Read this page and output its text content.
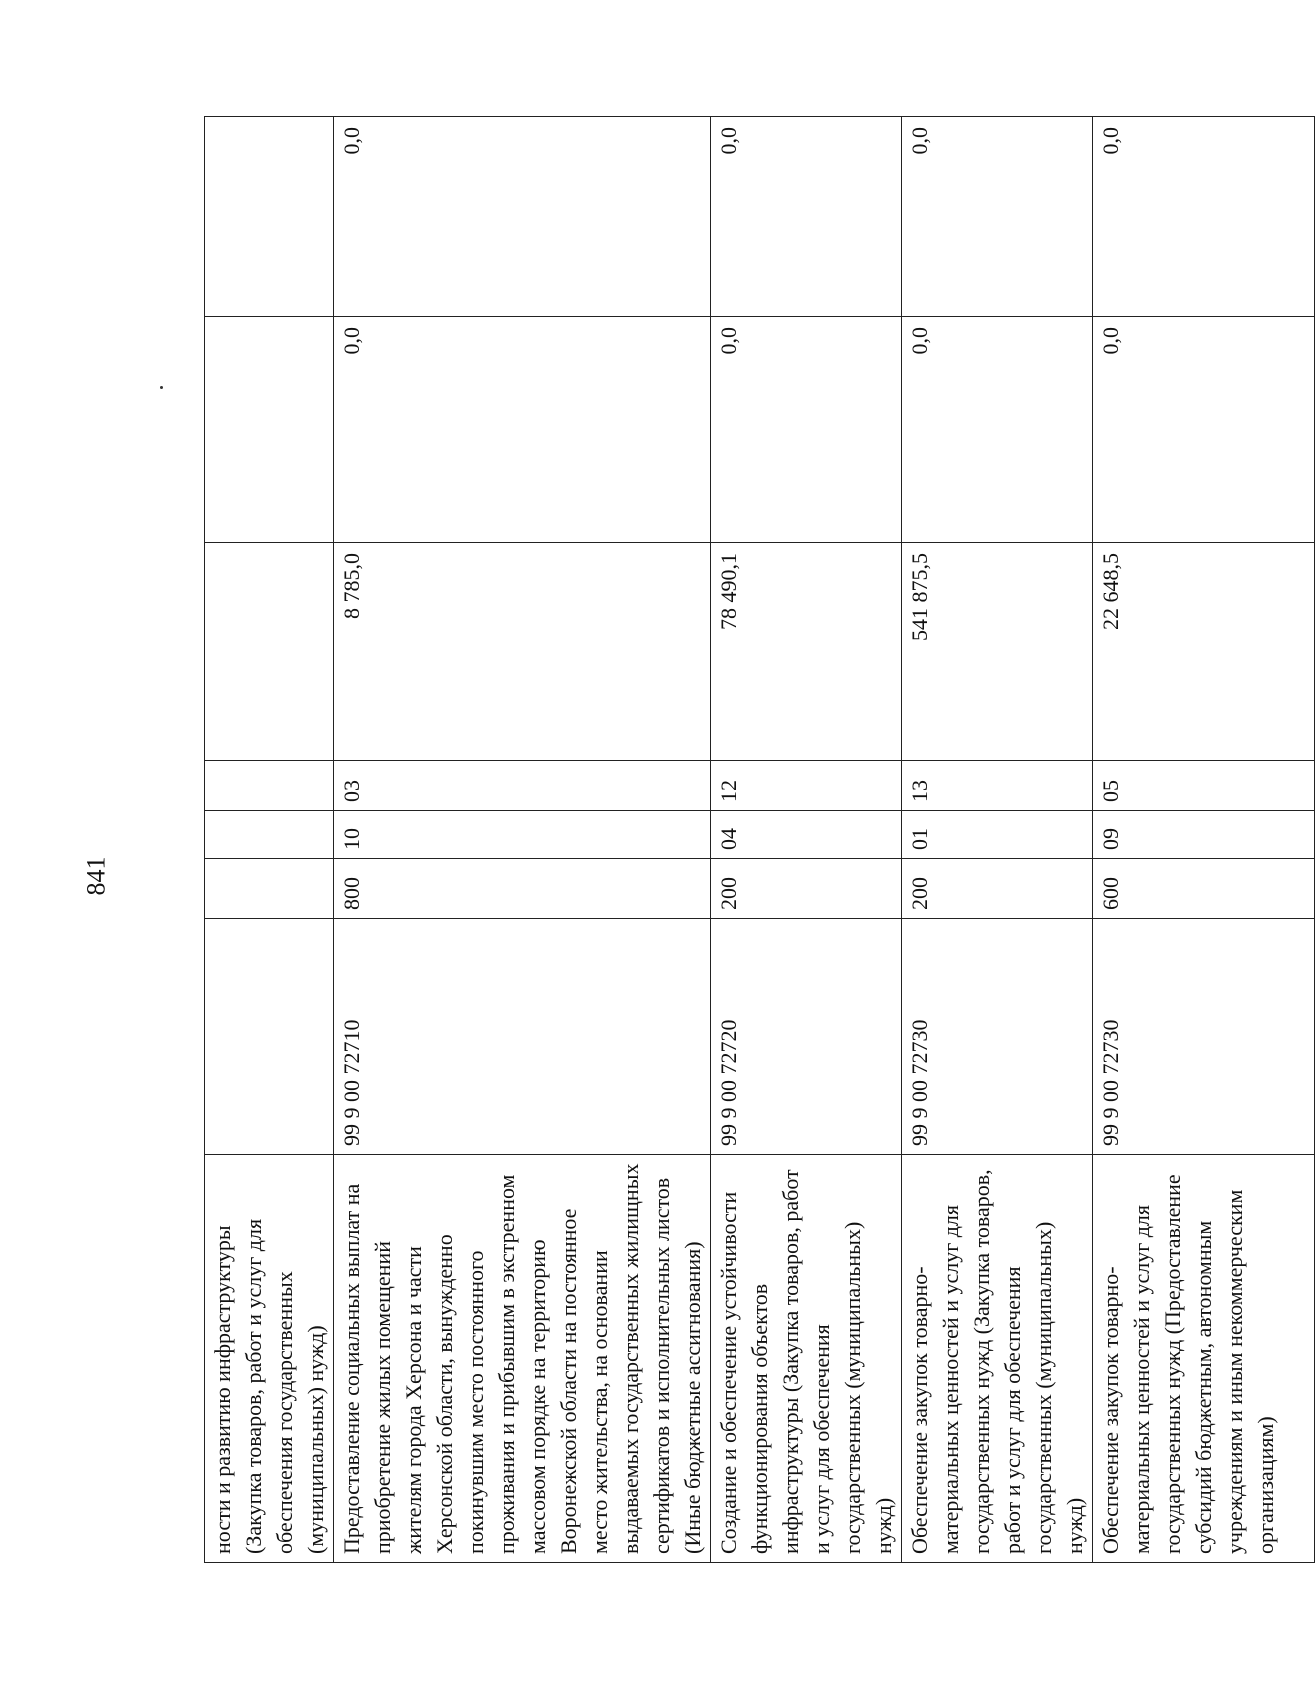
841
ности и развитию инфраструктуры (Закупка товаров, работ и услуг для обеспечения государственных (муниципальных) нужд)							
Предоставление социальных выплат на приобретение жилых помещений жителям города Херсона и части Херсонской области, вынужденно покинувшим место постоянного проживания и прибывшим в экстренном массовом порядке на территорию Воронежской области на постоянное место жительства, на основании выдаваемых государственных жилищных сертификатов и исполнительных листов (Иные бюджетные ассигнования)	99 9 00 72710	800	10	03	8 785,0	0,0	0,0
Создание и обеспечение устойчивости функционирования объектов инфраструктуры (Закупка товаров, работ и услуг для обеспечения государственных (муниципальных) нужд)	99 9 00 72720	200	04	12	78 490,1	0,0	0,0
Обеспечение закупок товарно-материальных ценностей и услуг для государственных нужд (Закупка товаров, работ и услуг для обеспечения государственных (муниципальных) нужд)	99 9 00 72730	200	01	13	541 875,5	0,0	0,0
Обеспечение закупок товарно-материальных ценностей и услуг для государственных нужд (Предоставление субсидий бюджетным, автономным учреждениям и иным некоммерческим организациям)	99 9 00 72730	600	09	05	22 648,5	0,0	0,0
